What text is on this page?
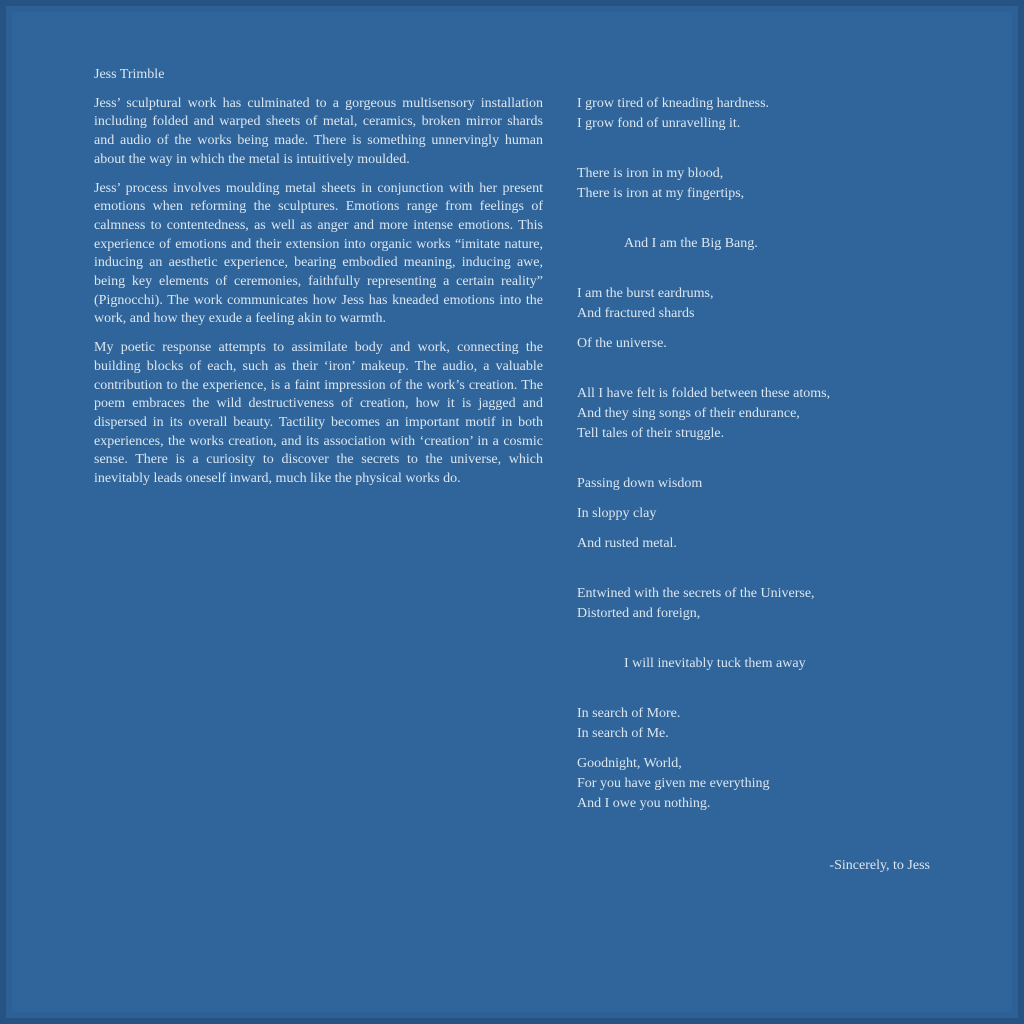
Jess Trimble

Jess’ sculptural work has culminated to a gorgeous multisensory installation including folded and warped sheets of metal, ceramics, broken mirror shards and audio of the works being made. There is something unnervingly human about the way in which the metal is intuitively moulded.

Jess’ process involves moulding metal sheets in conjunction with her present emotions when reforming the sculptures. Emotions range from feelings of calmness to contentedness, as well as anger and more intense emotions. This experience of emotions and their extension into organic works “imitate nature, inducing an aesthetic experience, bearing embodied meaning, inducing awe, being key elements of ceremonies, faithfully representing a certain reality” (Pignocchi). The work communicates how Jess has kneaded emotions into the work, and how they exude a feeling akin to warmth.

My poetic response attempts to assimilate body and work, connecting the building blocks of each, such as their ‘iron’ makeup. The audio, a valuable contribution to the experience, is a faint impression of the work’s creation. The poem embraces the wild destructiveness of creation, how it is jagged and dispersed in its overall beauty. Tactility becomes an important motif in both experiences, the works creation, and its association with ‘creation’ in a cosmic sense. There is a curiosity to discover the secrets to the universe, which inevitably leads oneself inward, much like the physical works do.

I grow tired of kneading hardness.
I grow fond of unravelling it.
There is iron in my blood,
There is iron at my fingertips,
And I am the Big Bang.
I am the burst eardrums,
And fractured shards
Of the universe.
All I have felt is folded between these atoms,
And they sing songs of their endurance,
Tell tales of their struggle.
Passing down wisdom
In sloppy clay
And rusted metal.
Entwined with the secrets of the Universe,
Distorted and foreign,
I will inevitably tuck them away
In search of More.
In search of Me.
Goodnight, World,
For you have given me everything
And I owe you nothing.
-Sincerely, to Jess
